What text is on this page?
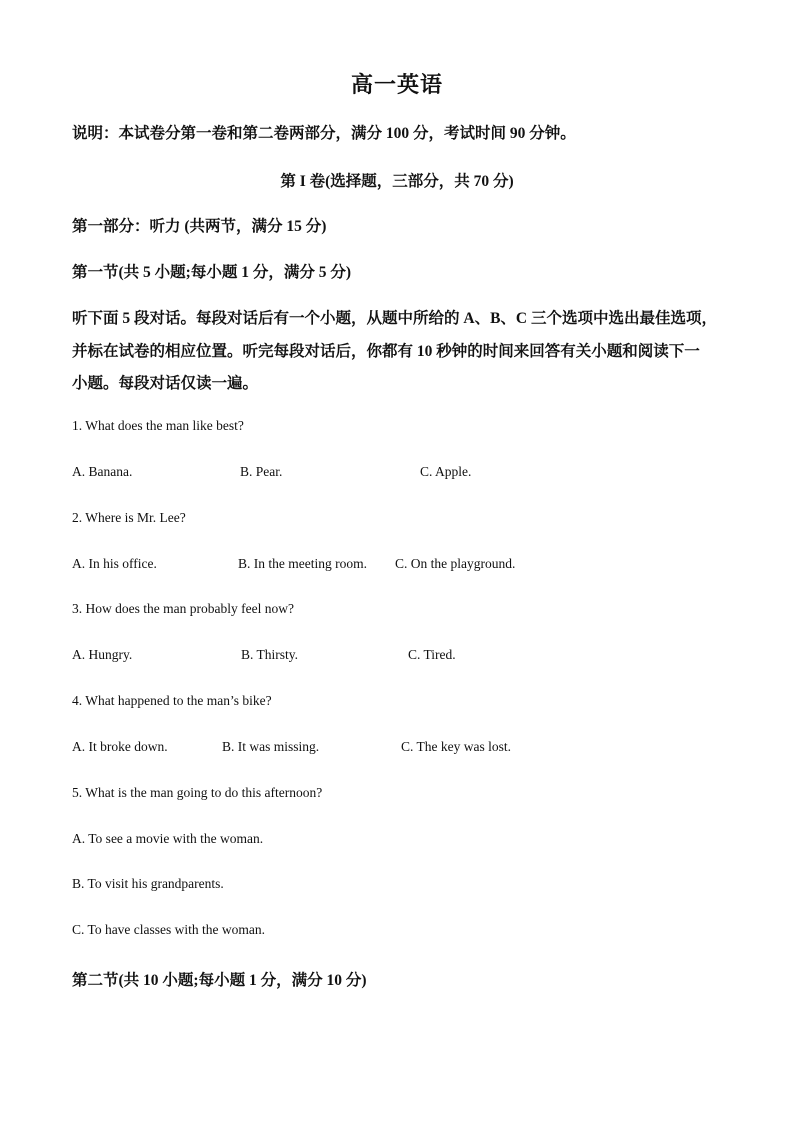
高一英语
说明：本试卷分第一卷和第二卷两部分，满分 100 分，考试时间 90 分钟。
第 I 卷(选择题，三部分，共 70 分)
第一部分：听力 (共两节，满分 15 分)
第一节(共 5 小题;每小题 1 分，满分 5 分)
听下面 5 段对话。每段对话后有一个小题，从题中所给的 A、B、C 三个选项中选出最佳选项，
并标在试卷的相应位置。听完每段对话后，你都有 10 秒钟的时间来回答有关小题和阅读下一
小题。每段对话仅读一遍。
1. What does the man like best?
A. Banana.	B. Pear.	C. Apple.
2. Where is Mr. Lee?
A. In his office.	B. In the meeting room. C. On the playground.
3. How does the man probably feel now?
A. Hungry.	B. Thirsty.	C. Tired.
4. What happened to the man’s bike?
A. It broke down.	B. It was missing.	C. The key was lost.
5. What is the man going to do this afternoon?
A. To see a movie with the woman.
B. To visit his grandparents.
C. To have classes with the woman.
第二节(共 10 小题;每小题 1 分，满分 10 分)
